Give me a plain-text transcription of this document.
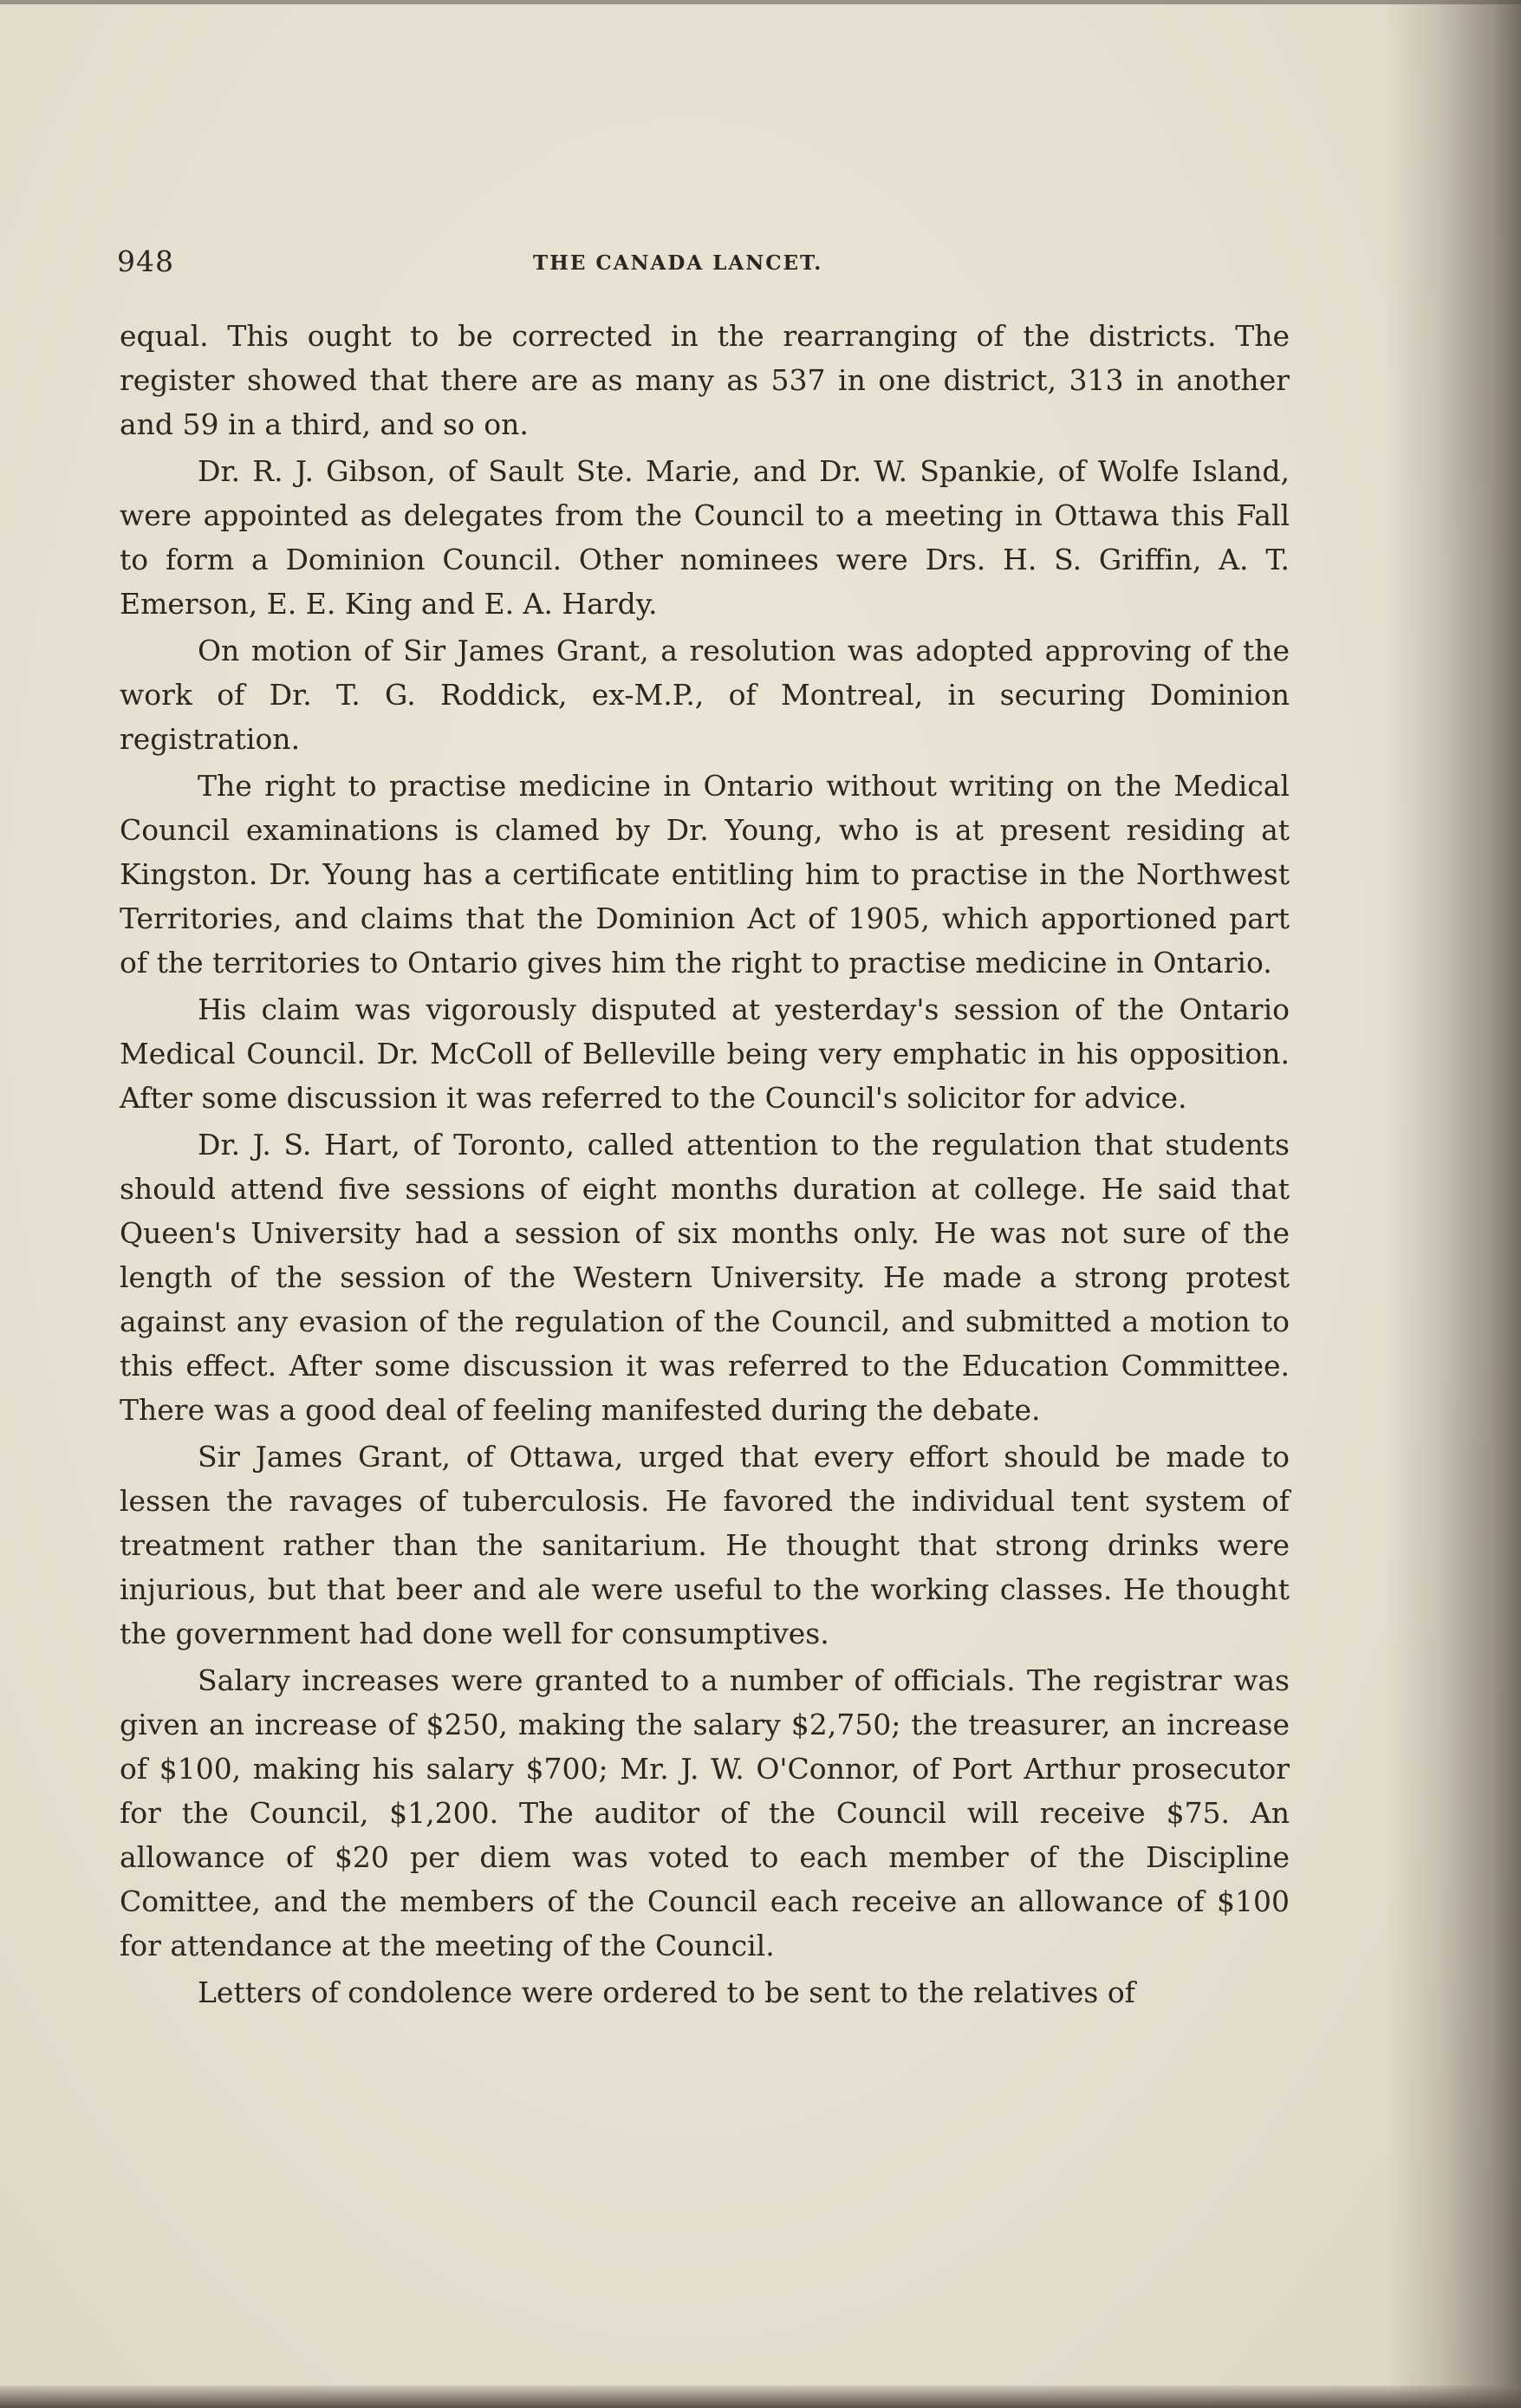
948	THE CANADA LANCET.

equal. This ought to be corrected in the rearranging of the districts. The register showed that there are as many as 537 in one district, 313 in another and 59 in a third, and so on.

Dr. R. J. Gibson, of Sault Ste. Marie, and Dr. W. Spankie, of Wolfe Island, were appointed as delegates from the Council to a meeting in Ottawa this Fall to form a Dominion Council. Other nominees were Drs. H. S. Griffin, A. T. Emerson, E. E. King and E. A. Hardy.

On motion of Sir James Grant, a resolution was adopted approving of the work of Dr. T. G. Roddick, ex-M.P., of Montreal, in securing Dominion registration.

The right to practise medicine in Ontario without writing on the Medical Council examinations is clamed by Dr. Young, who is at present residing at Kingston. Dr. Young has a certificate entitling him to practise in the Northwest Territories, and claims that the Dominion Act of 1905, which apportioned part of the territories to Ontario gives him the right to practise medicine in Ontario.

His claim was vigorously disputed at yesterday's session of the Ontario Medical Council. Dr. McColl of Belleville being very emphatic in his opposition. After some discussion it was referred to the Council's solicitor for advice.

Dr. J. S. Hart, of Toronto, called attention to the regulation that students should attend five sessions of eight months duration at college. He said that Queen's University had a session of six months only. He was not sure of the length of the session of the Western University. He made a strong protest against any evasion of the regulation of the Council, and submitted a motion to this effect. After some discussion it was referred to the Education Committee. There was a good deal of feeling manifested during the debate.

Sir James Grant, of Ottawa, urged that every effort should be made to lessen the ravages of tuberculosis. He favored the individual tent system of treatment rather than the sanitarium. He thought that strong drinks were injurious, but that beer and ale were useful to the working classes. He thought the government had done well for consumptives.

Salary increases were granted to a number of officials. The registrar was given an increase of $250, making the salary $2,750; the treasurer, an increase of $100, making his salary $700; Mr. J. W. O'Connor, of Port Arthur prosecutor for the Council, $1,200. The auditor of the Council will receive $75. An allowance of $20 per diem was voted to each member of the Discipline Comittee, and the members of the Council each receive an allowance of $100 for attendance at the meeting of the Council.

Letters of condolence were ordered to be sent to the relatives of
